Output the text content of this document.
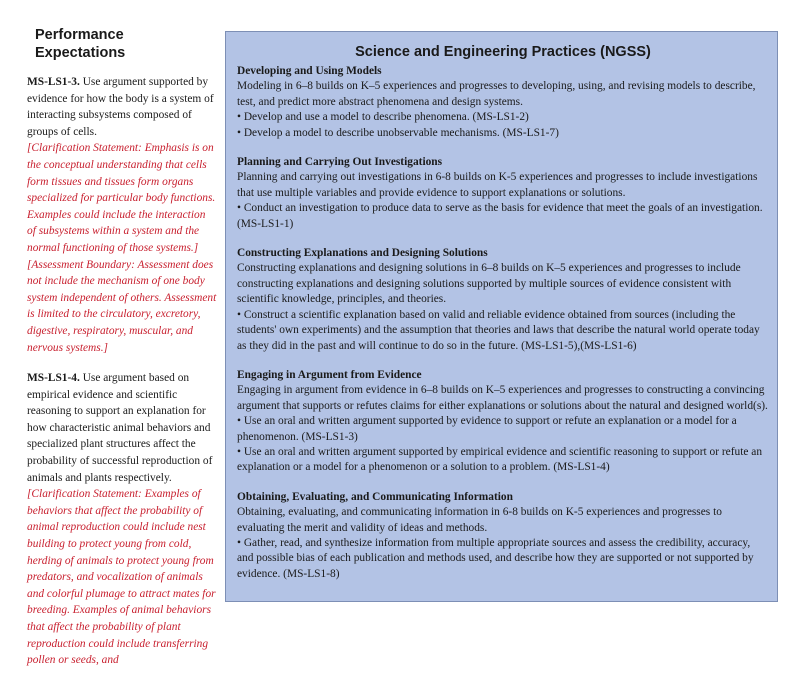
Performance Expectations
MS-LS1-3. Use argument supported by evidence for how the body is a system of interacting subsystems composed of groups of cells.
[Clarification Statement: Emphasis is on the conceptual understanding that cells form tissues and tissues form organs specialized for particular body functions. Examples could include the interaction of subsystems within a system and the normal functioning of those systems.]
[Assessment Boundary: Assessment does not include the mechanism of one body system independent of others. Assessment is limited to the circulatory, excretory, digestive, respiratory, muscular, and nervous systems.]
MS-LS1-4. Use argument based on empirical evidence and scientific reasoning to support an explanation for how characteristic animal behaviors and specialized plant structures affect the probability of successful reproduction of animals and plants respectively. [Clarification Statement: Examples of behaviors that affect the probability of animal reproduction could include nest building to protect young from cold, herding of animals to protect young from predators, and vocalization of animals and colorful plumage to attract mates for breeding. Examples of animal behaviors that affect the probability of plant reproduction could include transferring pollen or seeds, and
Science and Engineering Practices (NGSS)
Developing and Using Models

Modeling in 6–8 builds on K–5 experiences and progresses to developing, using, and revising models to describe, test, and predict more abstract phenomena and design systems.

• Develop and use a model to describe phenomena. (MS-LS1-2)

• Develop a model to describe unobservable mechanisms. (MS-LS1-7)

Planning and Carrying Out Investigations

Planning and carrying out investigations in 6-8 builds on K-5 experiences and progresses to include investigations that use multiple variables and provide evidence to support explanations or solutions.

• Conduct an investigation to produce data to serve as the basis for evidence that meet the goals of an investigation. (MS-LS1-1)

Constructing Explanations and Designing Solutions

Constructing explanations and designing solutions in 6–8 builds on K–5 experiences and progresses to include constructing explanations and designing solutions supported by multiple sources of evidence consistent with scientific knowledge, principles, and theories.

• Construct a scientific explanation based on valid and reliable evidence obtained from sources (including the students' own experiments) and the assumption that theories and laws that describe the natural world operate today as they did in the past and will continue to do so in the future. (MS-LS1-5),(MS-LS1-6)

Engaging in Argument from Evidence

Engaging in argument from evidence in 6–8 builds on K–5 experiences and progresses to constructing a convincing argument that supports or refutes claims for either explanations or solutions about the natural and designed world(s).

• Use an oral and written argument supported by evidence to support or refute an explanation or a model for a phenomenon. (MS-LS1-3)

• Use an oral and written argument supported by empirical evidence and scientific reasoning to support or refute an explanation or a model for a phenomenon or a solution to a problem. (MS-LS1-4)

Obtaining, Evaluating, and Communicating Information

Obtaining, evaluating, and communicating information in 6-8 builds on K-5 experiences and progresses to evaluating the merit and validity of ideas and methods.

• Gather, read, and synthesize information from multiple appropriate sources and assess the credibility, accuracy, and possible bias of each publication and methods used, and describe how they are supported or not supported by evidence. (MS-LS1-8)
